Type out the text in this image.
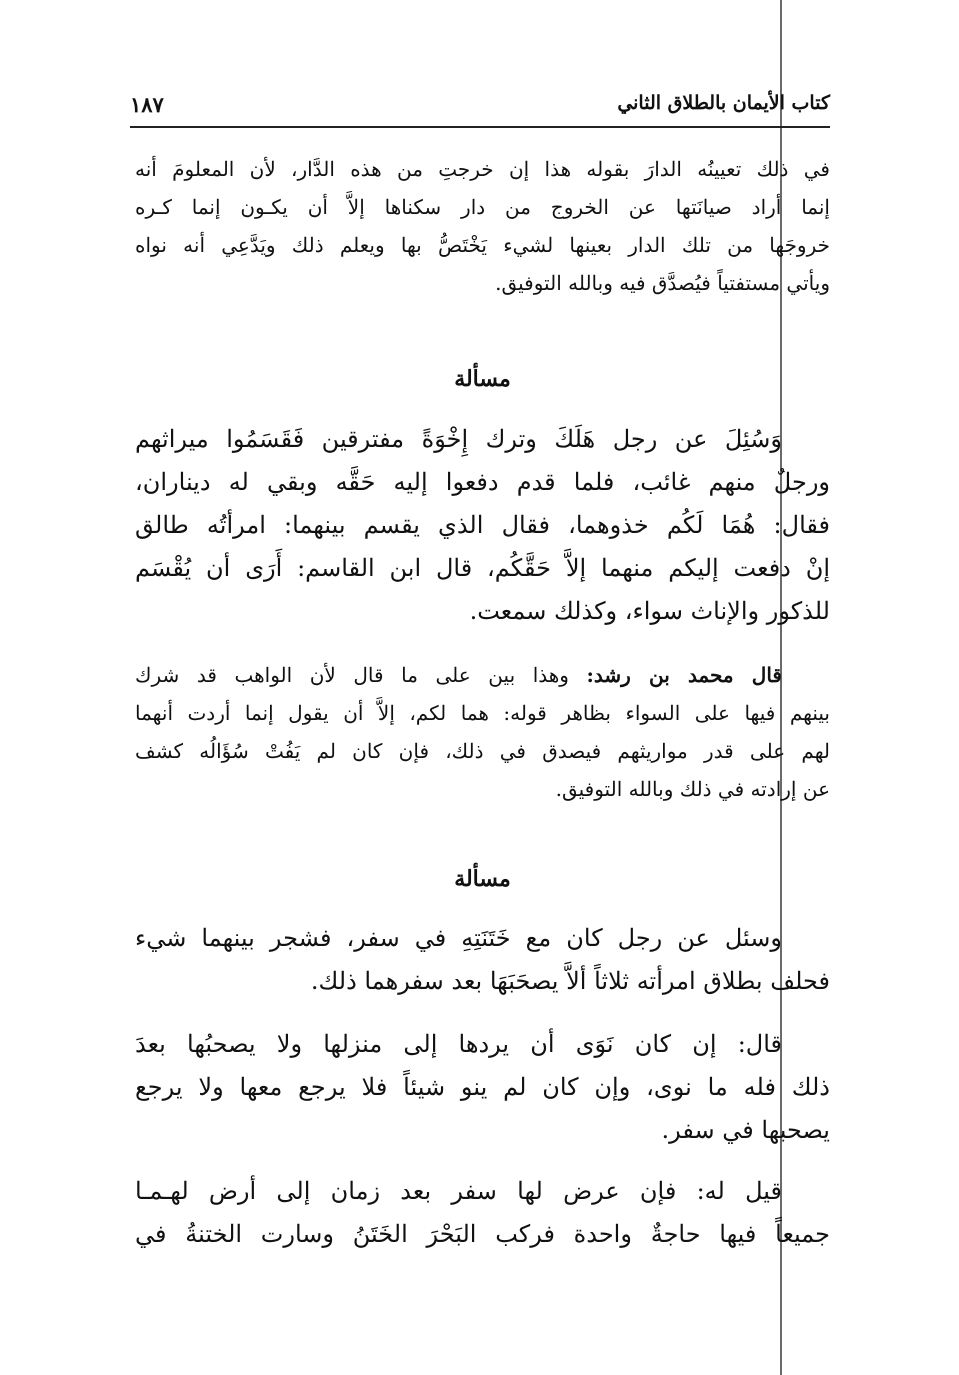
كتاب الأيمان بالطلاق الثاني
١٨٧
في ذلك تعيينُه الدارَ بقوله هذا إن خرجتِ من هذه الدَّار، لأن المعلومَ أنه
إنما أراد صيانَتها عن الخروج من دار سكناها إلاَّ أن يكـون إنما كـره
خروجَها من تلك الدار بعينها لشيء يَخْتَصُّ بها ويعلم ذلك ويَدَّعِي أنه نواه
ويأتي مستفتياً فيُصدَّق فيه وبالله التوفيق.
مسألة
وَسُئِلَ عن رجل هَلَكَ وترك إِخْوَةً مفترقين فَقَسَمُوا ميراثهم
ورجلٌ منهم غائب، فلما قدم دفعوا إليه حَقَّه وبقي له ديناران،
فقال: هُمَا لَكُم خذوهما، فقال الذي يقسم بينهما: امرأتُه طالق
إنْ دفعت إليكم منهما إلاَّ حَقَّكُم، قال ابن القاسم: أَرَى أن يُقْسَم
للذكور والإناث سواء، وكذلك سمعت.
قال محمد بن رشد: وهذا بين على ما قال لأن الواهب قد شرك
بينهم فيها على السواء بظاهر قوله: هما لكم، إلاَّ أن يقول إنما أردت أنهما
لهم على قدر مواريثهم فيصدق في ذلك، فإن كان لم يَفُتْ سُؤَالُه كشف
عن إرادته في ذلك وبالله التوفيق.
مسألة
وسئل عن رجل كان مع خَتَنَتِهِ في سفر، فشجر بينهما شيء
فحلف بطلاق امرأته ثلاثاً ألاَّ يصحَبَهَا بعد سفرهما ذلك.
قال: إن كان نَوَى أن يردها إلى منزلها ولا يصحبُها بعدَ
ذلك فله ما نوى، وإن كان لم ينو شيئاً فلا يرجع معها ولا يرجع
يصحبها في سفر.
قيل له: فإن عرض لها سفر بعد زمان إلى أرض لهـمـا
جميعاً فيها حاجةٌ واحدة فركب البَحْرَ الخَتَنُ وسارت الختنةُ في
